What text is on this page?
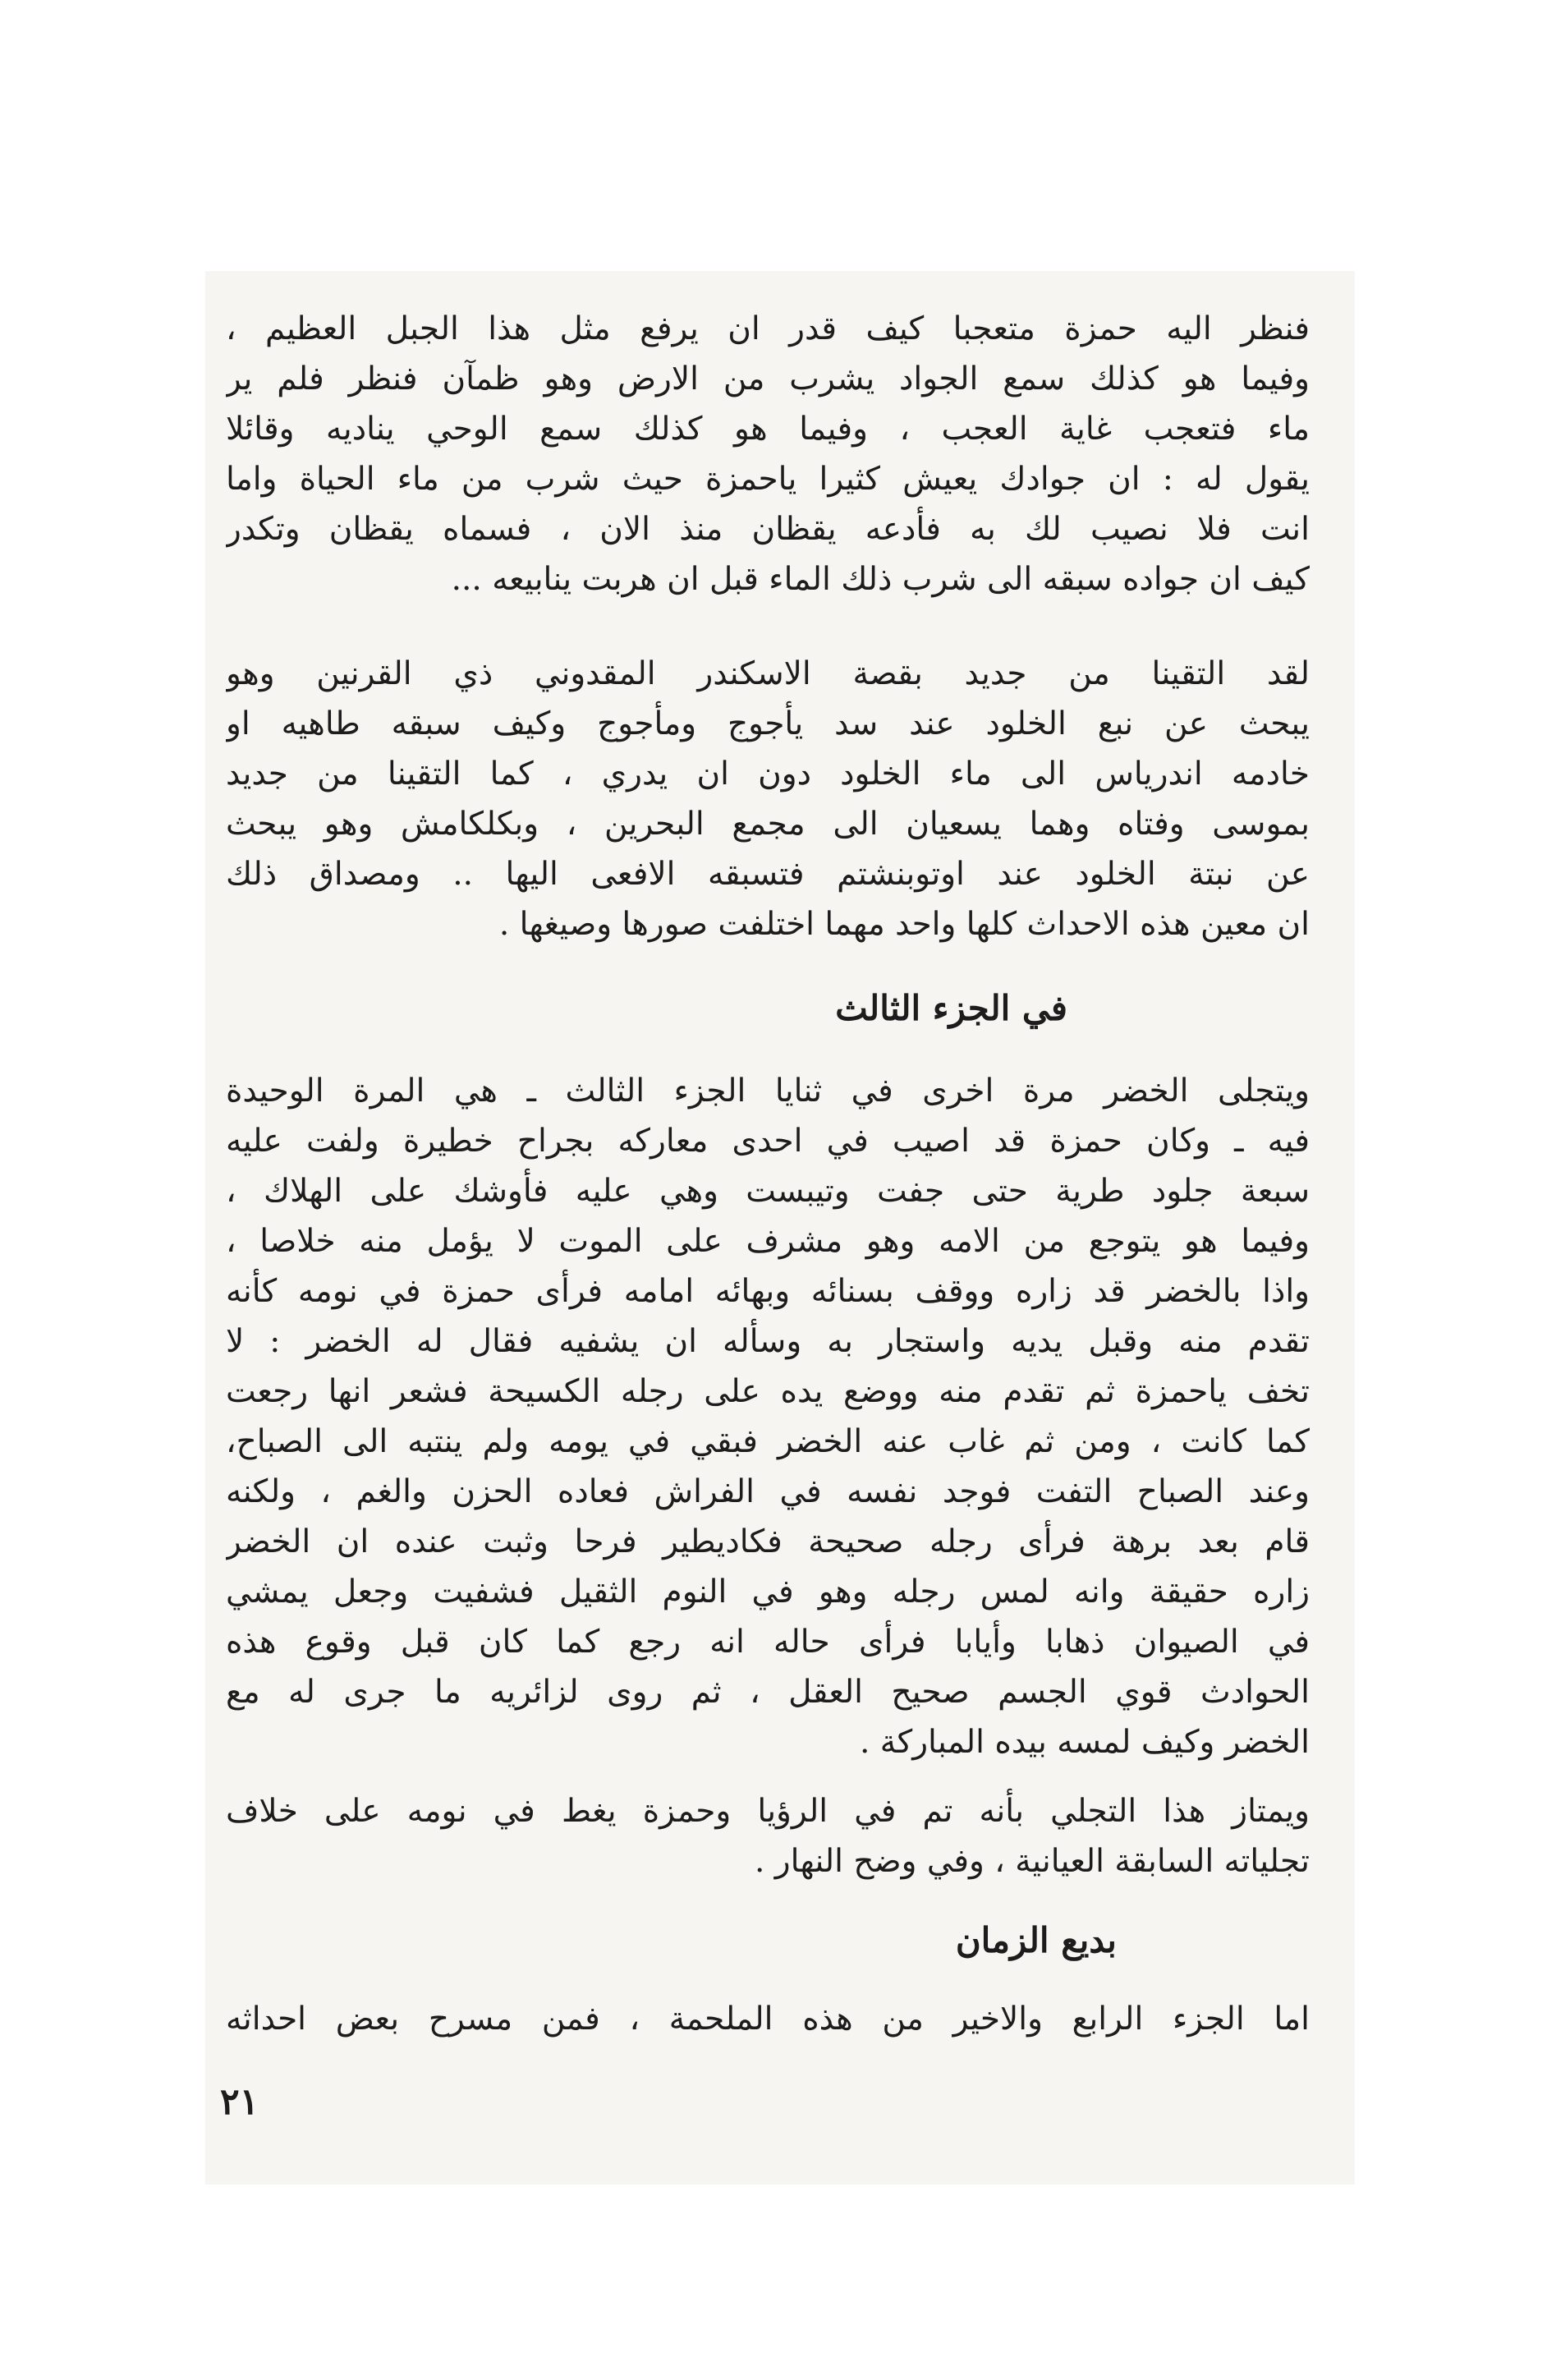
فنظر اليه حمزة متعجبا كيف قدر ان يرفع مثل هذا الجبل العظيم ،
وفيما هو كذلك سمع الجواد يشرب من الارض وهو ظمآن فنظر فلم ير
ماء فتعجب غاية العجب ، وفيما هو كذلك سمع الوحي يناديه وقائلا
يقول له : ان جوادك يعيش كثيرا ياحمزة حيث شرب من ماء الحياة واما
انت فلا نصيب لك به فأدعه يقظان منذ الان ، فسماه يقظان وتكدر
كيف ان جواده سبقه الى شرب ذلك الماء قبل ان هربت ينابيعه ...
لقد التقينا من جديد بقصة الاسكندر المقدوني ذي القرنين وهو
يبحث عن نبع الخلود عند سد يأجوج ومأجوج وكيف سبقه طاهيه او
خادمه اندرياس الى ماء الخلود دون ان يدري ، كما التقينا من جديد
بموسى وفتاه وهما يسعيان الى مجمع البحرين ، وبكلكامش وهو يبحث
عن نبتة الخلود عند اوتوبنشتم فتسبقه الافعى اليها .. ومصداق ذلك
ان معين هذه الاحداث كلها واحد مهما اختلفت صورها وصيغها .
في الجزء الثالث
ويتجلى الخضر مرة اخرى في ثنايا الجزء الثالث ـ هي المرة الوحيدة
فيه ـ وكان حمزة قد اصيب في احدى معاركه بجراح خطيرة ولفت عليه
سبعة جلود طرية حتى جفت وتيبست وهي عليه فأوشك على الهلاك ،
وفيما هو يتوجع من الامه وهو مشرف على الموت لا يؤمل منه خلاصا ،
واذا بالخضر قد زاره ووقف بسنائه وبهائه امامه فرأى حمزة في نومه كأنه
تقدم منه وقبل يديه واستجار به وسأله ان يشفيه فقال له الخضر : لا
تخف ياحمزة ثم تقدم منه ووضع يده على رجله الكسيحة فشعر انها رجعت
كما كانت ، ومن ثم غاب عنه الخضر فبقي في يومه ولم ينتبه الى الصباح،
وعند الصباح التفت فوجد نفسه في الفراش فعاده الحزن والغم ، ولكنه
قام بعد برهة فرأى رجله صحيحة فكاديطير فرحا وثبت عنده ان الخضر
زاره حقيقة وانه لمس رجله وهو في النوم الثقيل فشفيت وجعل يمشي
في الصيوان ذهابا وأيابا فرأى حاله انه رجع كما كان قبل وقوع هذه
الحوادث قوي الجسم صحيح العقل ، ثم روى لزائريه ما جرى له مع
الخضر وكيف لمسه بيده المباركة .
ويمتاز هذا التجلي بأنه تم في الرؤيا وحمزة يغط في نومه على خلاف
تجلياته السابقة العيانية ، وفي وضح النهار .
بديع الزمان
اما الجزء الرابع والاخير من هذه الملحمة ، فمن مسرح بعض احداثه
٢١
